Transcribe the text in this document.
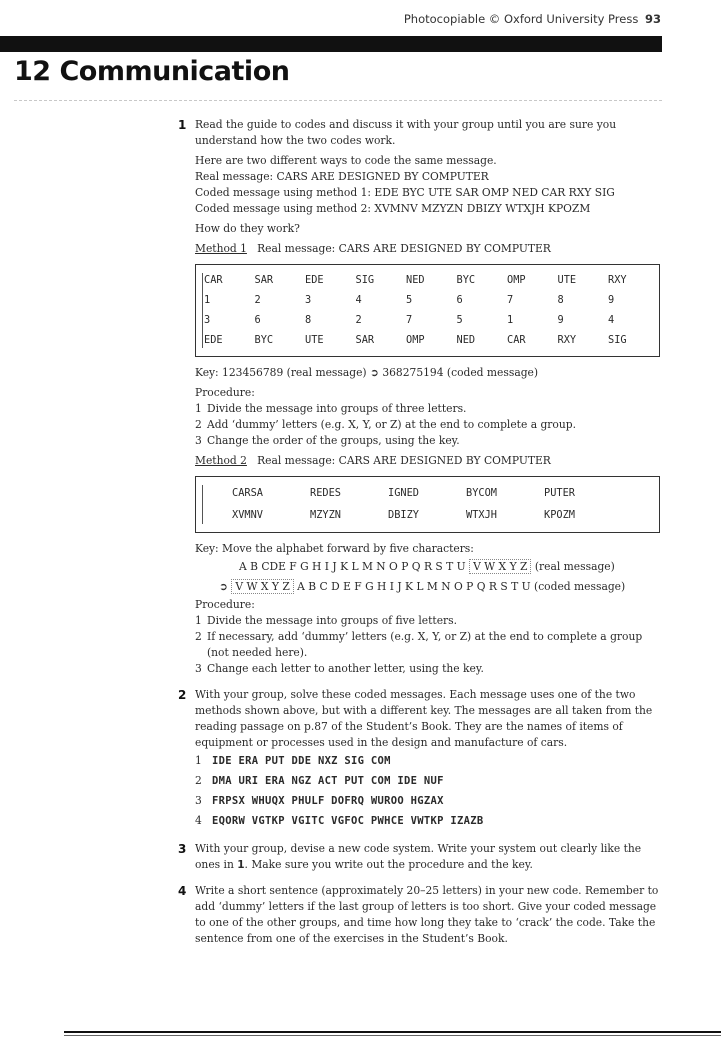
Photocopiable © Oxford University Press 93
12 Communication
1 Read the guide to codes and discuss it with your group until you are sure you understand how the two codes work.

Here are two different ways to code the same message.

Real message: CARS ARE DESIGNED BY COMPUTER

Coded message using method 1: EDE BYC UTE SAR OMP NED CAR RXY SIG

Coded message using method 2: XVMNV MZYZN DBIZY WTXJH KPOZM

How do they work?

Method 1 Real message: CARS ARE DESIGNED BY COMPUTER

CAR	SAR	EDE	SIG	NED	BYC	OMP	UTE	RXY
1	2	3	4	5	6	7	8	9
3	6	8	2	7	5	1	9	4
EDE	BYC	UTE	SAR	OMP	NED	CAR	RXY	SIG

Key: 123456789 (real message) ➲ 368275194 (coded message)

Procedure:

1 Divide the message into groups of three letters.
2 Add ‘dummy’ letters (e.g. X, Y, or Z) at the end to complete a group.
3 Change the order of the groups, using the key.

Method 2 Real message: CARS ARE DESIGNED BY COMPUTER

CARSA	REDES	IGNED	BYCOM	PUTER
XVMNV	MZYZN	DBIZY	WTXJH	KPOZM

Key: Move the alphabet forward by five characters:

A B CDE F G H I J K L M N O P Q R S T U V W X Y Z (real message)
➲ V W X Y Z A B C D E F G H I J K L M N O P Q R S T U (coded message)

Procedure:

1 Divide the message into groups of five letters.
2 If necessary, add ‘dummy’ letters (e.g. X, Y, or Z) at the end to complete a group (not needed here).
3 Change each letter to another letter, using the key.
2 With your group, solve these coded messages. Each message uses one of the two methods shown above, but with a different key. The messages are all taken from the reading passage on p.87 of the Student’s Book. They are the names of items of equipment or processes used in the design and manufacture of cars.

1 IDE ERA PUT DDE NXZ SIG COM
2 DMA URI ERA NGZ ACT PUT COM IDE NUF
3 FRPSX WHUQX PHULF DOFRQ WUROO HGZAX
4 EQORW VGTKP VGITC VGFOC PWHCE VWTKP IZAZB
3 With your group, devise a new code system. Write your system out clearly like the ones in 1. Make sure you write out the procedure and the key.

4 Write a short sentence (approximately 20–25 letters) in your new code. Remember to add ‘dummy’ letters if the last group of letters is too short. Give your coded message to one of the other groups, and time how long they take to ‘crack’ the code. Take the sentence from one of the exercises in the Student’s Book.
